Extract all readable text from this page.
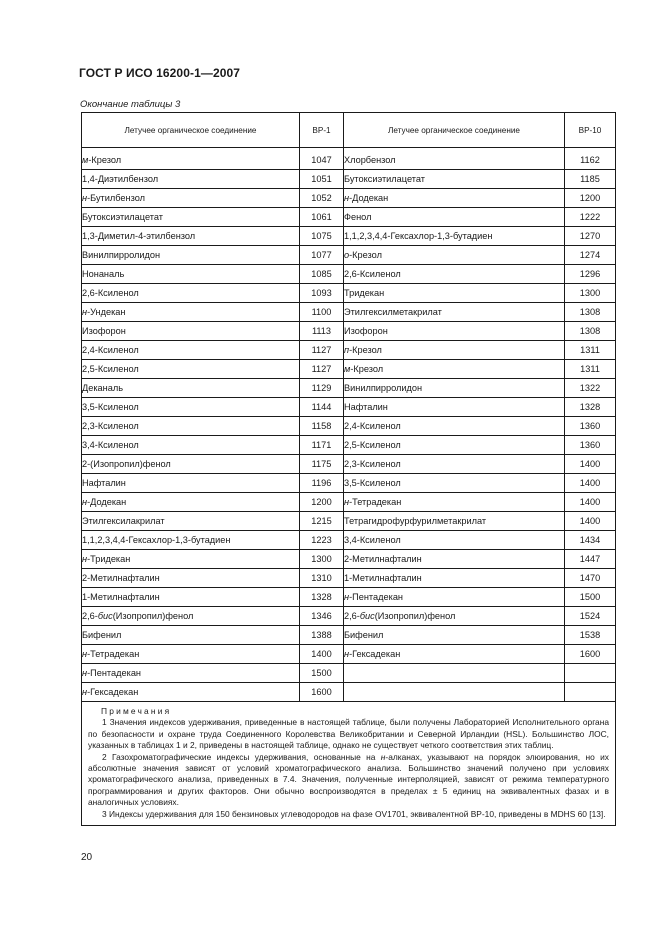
ГОСТ Р ИСО 16200-1—2007
Окончание таблицы 3
Летучее органическое соединение	ВР-1	Летучее органическое соединение	ВР-10
м-Крезол	1047	Хлорбензол	1162
1,4-Диэтилбензол	1051	Бутоксиэтилацетат	1185
н-Бутилбензол	1052	н-Додекан	1200
Бутоксиэтилацетат	1061	Фенол	1222
1,3-Диметил-4-этилбензол	1075	1,1,2,3,4,4-Гексахлор-1,3-бутадиен	1270
Винилпирролидон	1077	о-Крезол	1274
Нонаналь	1085	2,6-Ксиленол	1296
2,6-Ксиленол	1093	Тридекан	1300
н-Ундекан	1100	Этилгексилметакрилат	1308
Изофорон	1113	Изофорон	1308
2,4-Ксиленол	1127	п-Крезол	1311
2,5-Ксиленол	1127	м-Крезол	1311
Деканаль	1129	Винилпирролидон	1322
3,5-Ксиленол	1144	Нафталин	1328
2,3-Ксиленол	1158	2,4-Ксиленол	1360
3,4-Ксиленол	1171	2,5-Ксиленол	1360
2-(Изопропил)фенол	1175	2,3-Ксиленол	1400
Нафталин	1196	3,5-Ксиленол	1400
н-Додекан	1200	н-Тетрадекан	1400
Этилгексилакрилат	1215	Тетрагидрофурфурилметакрилат	1400
1,1,2,3,4,4-Гексахлор-1,3-бутадиен	1223	3,4-Ксиленол	1434
н-Тридекан	1300	2-Метилнафталин	1447
2-Метилнафталин	1310	1-Метилнафталин	1470
1-Метилнафталин	1328	н-Пентадекан	1500
2,6-бис(Изопропил)фенол	1346	2,6-бис(Изопропил)фенол	1524
Бифенил	1388	Бифенил	1538
н-Тетрадекан	1400	н-Гексадекан	1600
н-Пентадекан	1500		
н-Гексадекан	1600		

Примечания

1 Значения индексов удерживания, приведенные в настоящей таблице, были получены Лабораторией Исполнительного органа по безопасности и охране труда Соединенного Королевства Великобритании и Северной Ирландии (HSL). Большинство ЛОС, указанных в таблицах 1 и 2, приведены в настоящей таблице, однако не существует четкого соответствия этих таблиц.

2 Газохроматографические индексы удерживания, основанные на н-алканах, указывают на порядок элюирования, но их абсолютные значения зависят от условий хроматографического анализа. Большинство значений получено при условиях хроматографического анализа, приведенных в 7.4. Значения, полученные интерполяцией, зависят от режима температурного программирования и других факторов. Они обычно воспроизводятся в пределах ± 5 единиц на эквивалентных фазах и в аналогичных условиях.

3 Индексы удерживания для 150 бензиновых углеводородов на фазе OV1701, эквивалентной ВР-10, приведены в MDHS 60 [13].			

20
